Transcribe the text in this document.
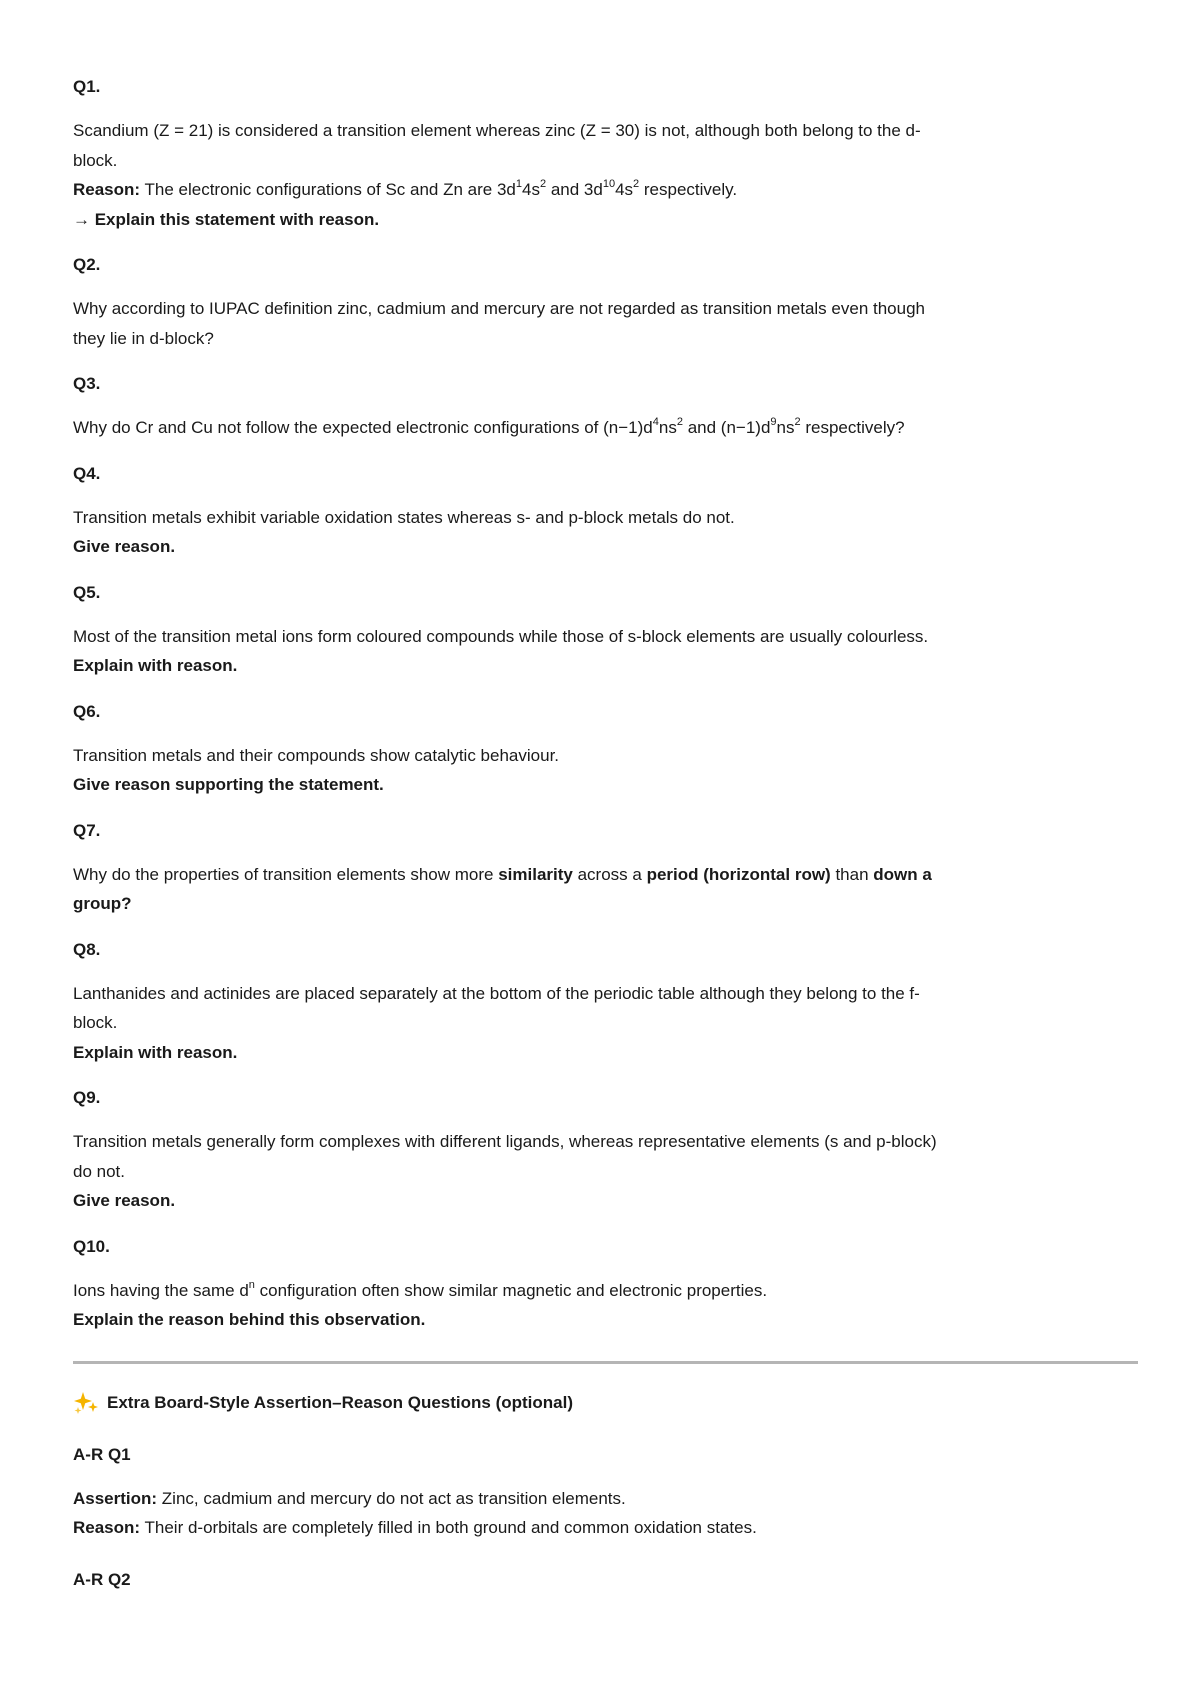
Q1.

Scandium (Z = 21) is considered a transition element whereas zinc (Z = 30) is not, although both belong to the d-
block.
Reason: The electronic configurations of Sc and Zn are $3d^14s^2$ and $3d^{10}4s^2$ respectively.
→ Explain this statement with reason.

Q2.

Why according to IUPAC definition zinc, cadmium and mercury are not regarded as transition metals even though
they lie in d-block?

Q3.

Why do Cr and Cu not follow the expected electronic configurations of $(n-1)d^4ns^2$ and $(n-1)d^9ns^2$ respectively?

Q4.

Transition metals exhibit variable oxidation states whereas s- and p-block metals do not.
Give reason.

Q5.

Most of the transition metal ions form coloured compounds while those of s-block elements are usually colourless.
Explain with reason.

Q6.

Transition metals and their compounds show catalytic behaviour.
Give reason supporting the statement.

Q7.

Why do the properties of transition elements show more similarity across a period (horizontal row) than down a
group?

Q8.

Lanthanides and actinides are placed separately at the bottom of the periodic table although they belong to the f-
block.
Explain with reason.

Q9.

Transition metals generally form complexes with different ligands, whereas representative elements (s and p-block)
do not.
Give reason.

Q10.

Ions having the same $d^n$ configuration often show similar magnetic and electronic properties.
Explain the reason behind this observation.

Extra Board-Style Assertion–Reason Questions (optional)

A-R Q1

Assertion: Zinc, cadmium and mercury do not act as transition elements.
Reason: Their d-orbitals are completely filled in both ground and common oxidation states.

A-R Q2
